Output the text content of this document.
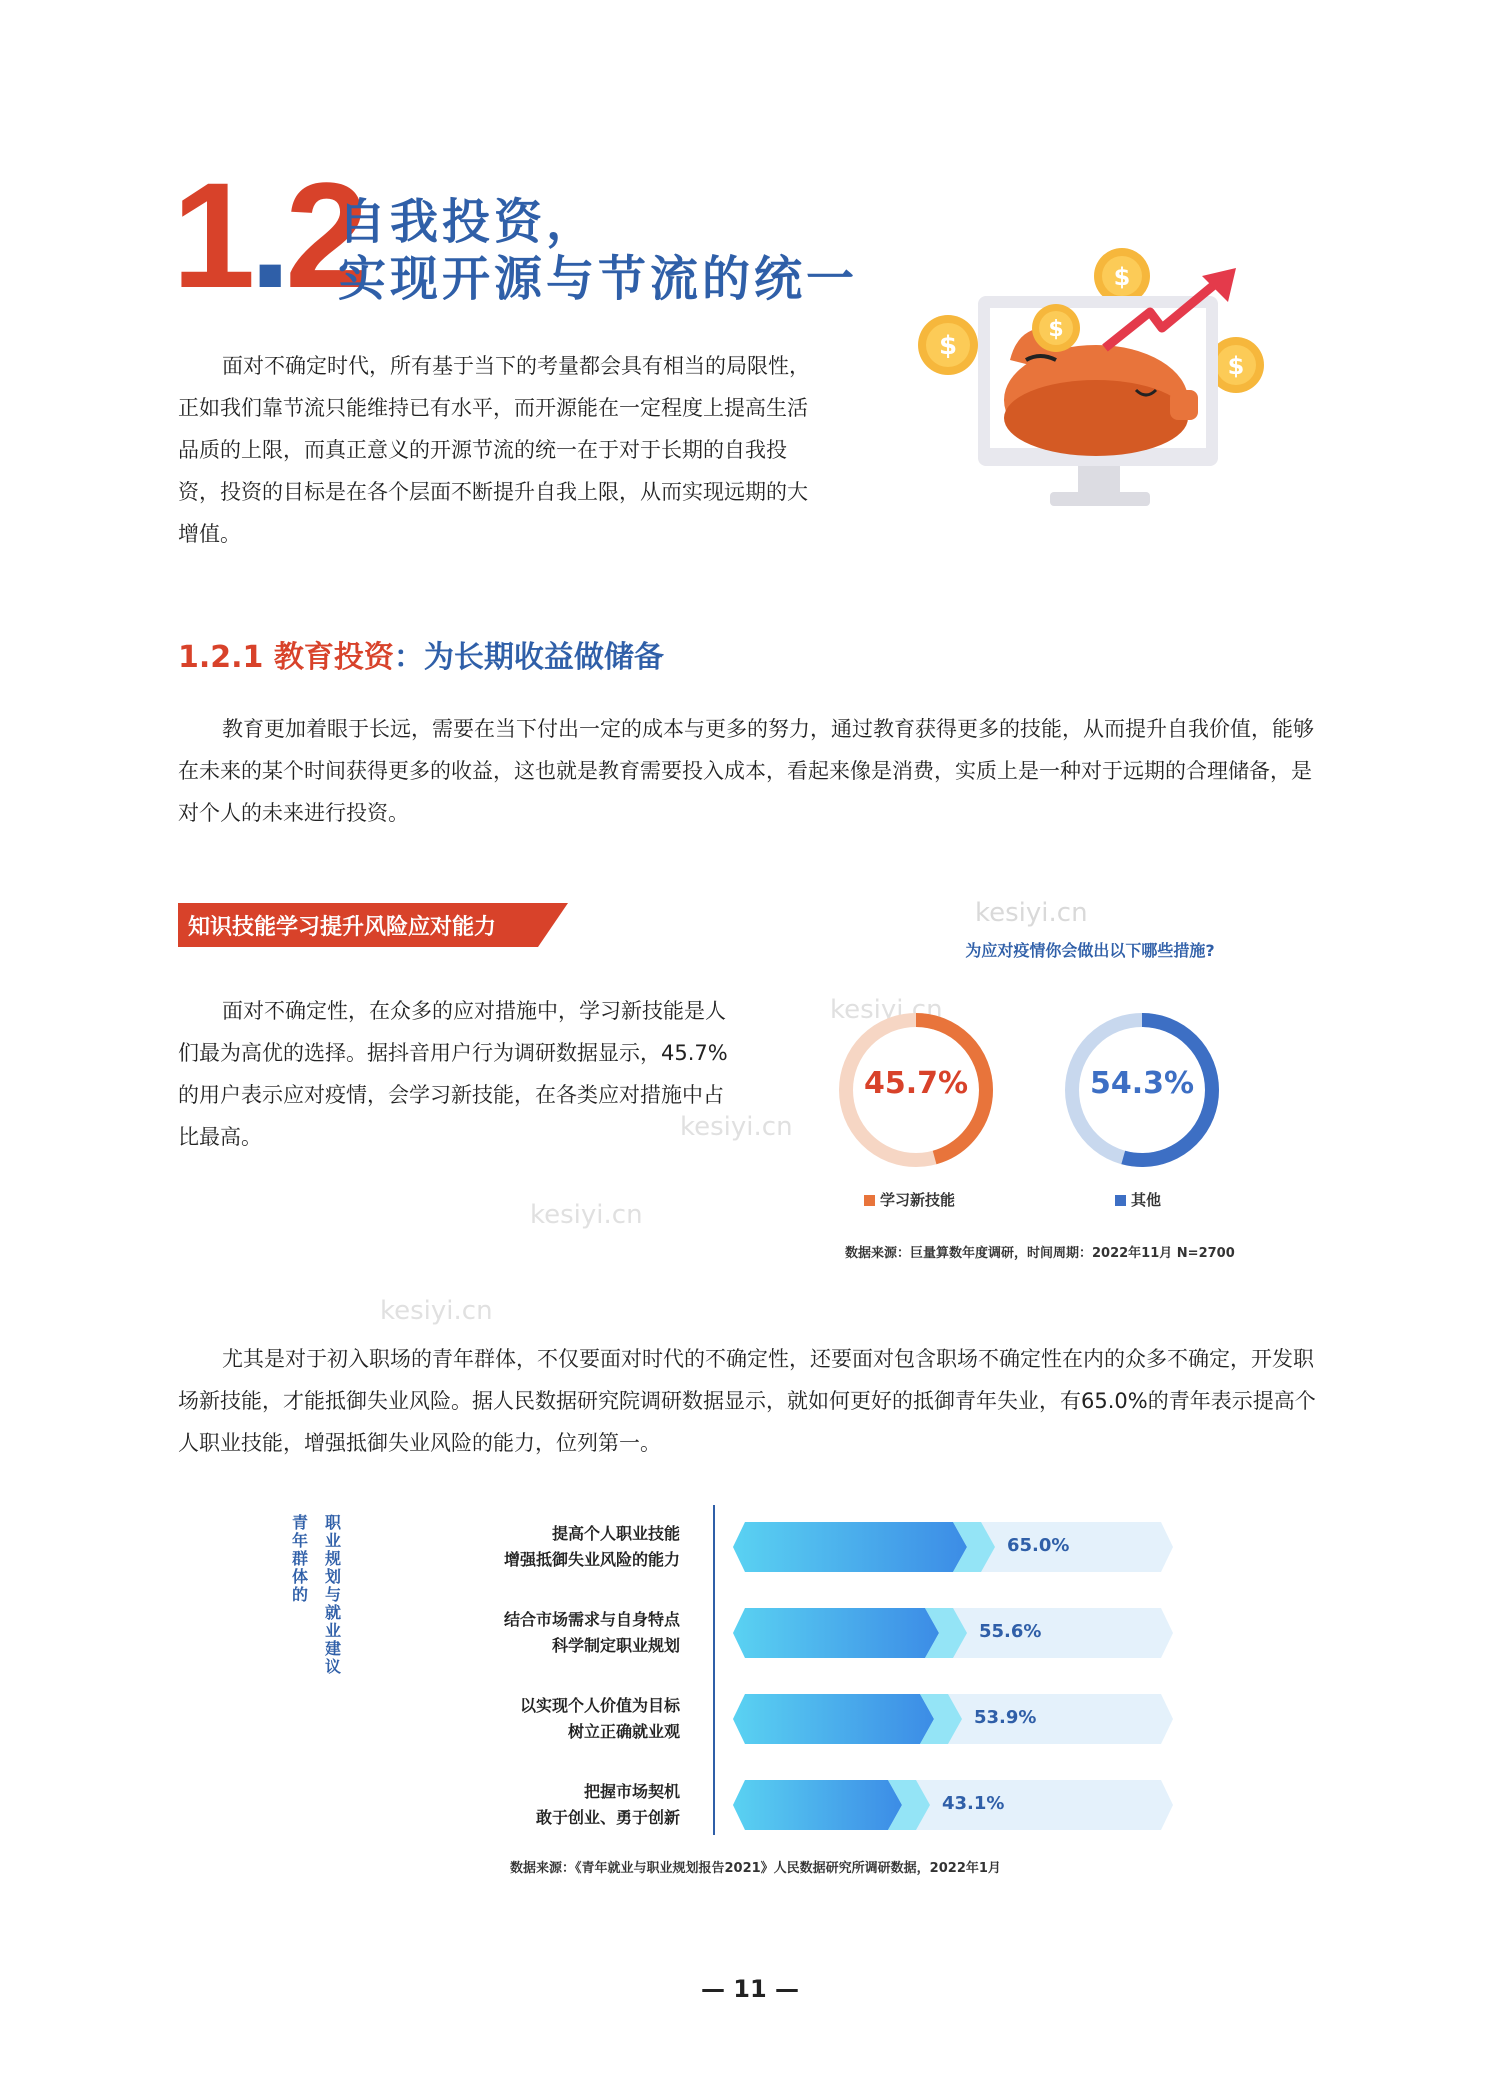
1.2
自我投资，
实现开源与节流的统一
$
$
$
$

面对不确定时代，所有基于当下的考量都会具有相当的局限性，正如我们靠节流只能维持已有水平，而开源能在一定程度上提高生活品质的上限，而真正意义的开源节流的统一在于对于长期的自我投资，投资的目标是在各个层面不断提升自我上限，从而实现远期的大增值。

1.2.1 教育投资：为长期收益做储备

教育更加着眼于长远，需要在当下付出一定的成本与更多的努力，通过教育获得更多的技能，从而提升自我价值，能够在未来的某个时间获得更多的收益，这也就是教育需要投入成本，看起来像是消费，实质上是一种对于远期的合理储备，是对个人的未来进行投资。

kesiyi.cn
kesiyi.cn
kesiyi.cn
kesiyi.cn
kesiyi.cn
知识技能学习提升风险应对能力

面对不确定性，在众多的应对措施中，学习新技能是人们最为高优的选择。据抖音用户行为调研数据显示，45.7%的用户表示应对疫情，会学习新技能，在各类应对措施中占比最高。

为应对疫情你会做出以下哪些措施?
45.7%	54.3%
学习新技能	其他
数据来源：巨量算数年度调研，时间周期：2022年11月 N=2700

尤其是对于初入职场的青年群体，不仅要面对时代的不确定性，还要面对包含职场不确定性在内的众多不确定，开发职场新技能，才能抵御失业风险。据人民数据研究院调研数据显示，就如何更好的抵御青年失业，有65.0%的青年表示提高个人职业技能，增强抵御失业风险的能力，位列第一。

青年群体的
职业规划与就业建议
提高个人职业技能
增强抵御失业风险的能力
65.0%
结合市场需求与自身特点
科学制定职业规划
55.6%
以实现个人价值为目标
树立正确就业观
53.9%
把握市场契机
敢于创业、勇于创新
43.1%
数据来源：《青年就业与职业规划报告2021》人民数据研究所调研数据，2022年1月
— 11 —
